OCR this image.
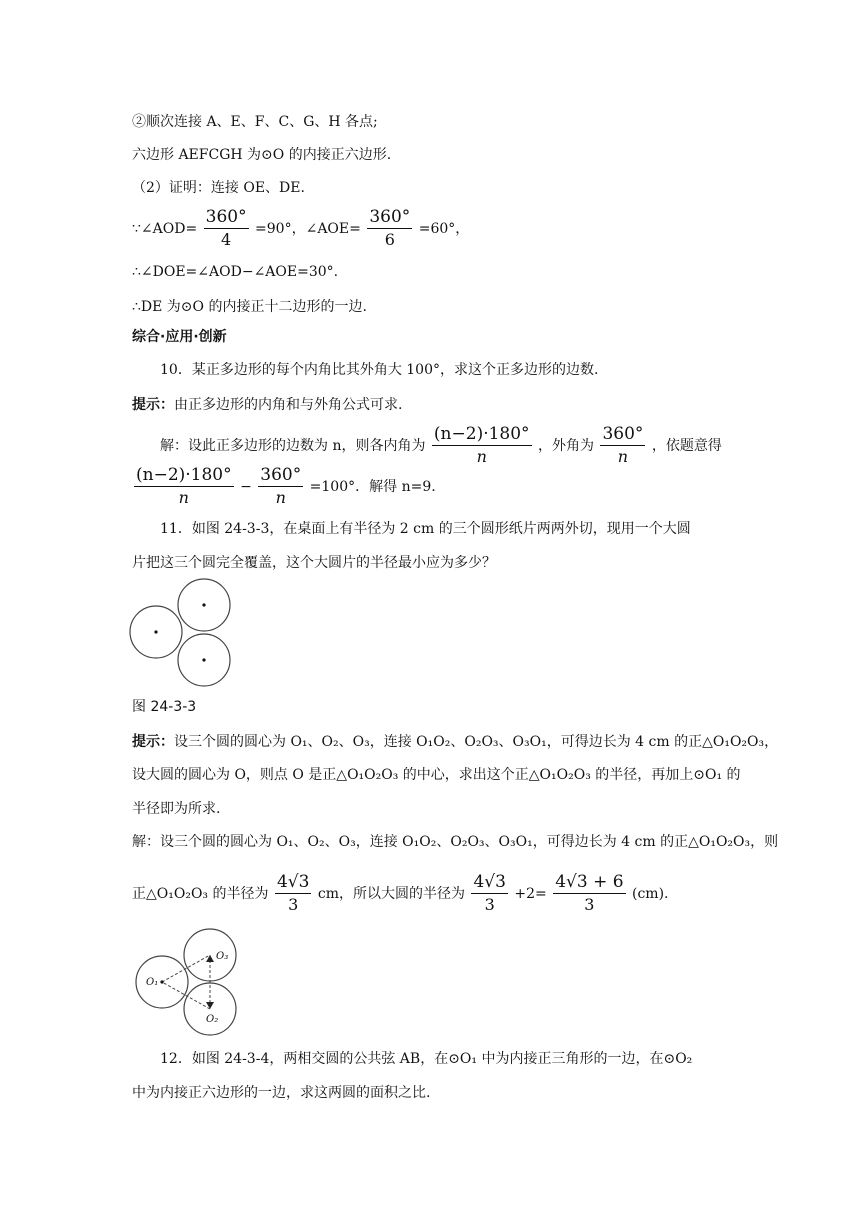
②顺次连接 A、E、F、C、G、H 各点;
六边形 AEFCGH 为⊙O 的内接正六边形.
（2）证明：连接 OE、DE.
∵∠AOD= $\frac{360^\circ}{4} =90^\circ$，∠AOE= $\frac{360^\circ}{6} =60^\circ$，
∴∠DOE=∠AOD−∠AOE=30°.
∴DE 为⊙O 的内接正十二边形的一边.
综合·应用·创新
10．某正多边形的每个内角比其外角大 100°，求这个正多边形的边数.
提示：由正多边形的内角和与外角公式可求.
解：设此正多边形的边数为 n，则各内角为 $\frac{(n-2)\cdot 180^\circ}{n}$ ，外角为 $\frac{360^\circ}{n}$ ，依题意得
$\frac{(n-2)\cdot 180^\circ}{n} - \frac{360^\circ}{n} =100^\circ$．解得 n=9.
11．如图 24-3-3，在桌面上有半径为 2 cm 的三个圆形纸片两两外切，现用一个大圆
片把这三个圆完全覆盖，这个大圆片的半径最小应为多少？
图 24-3-3
提示：设三个圆的圆心为 O₁、O₂、O₃，连接 O₁O₂、O₂O₃、O₃O₁，可得边长为 4 cm 的正△O₁O₂O₃，
设大圆的圆心为 O，则点 O 是正△O₁O₂O₃ 的中心，求出这个正△O₁O₂O₃ 的半径，再加上⊙O₁ 的
半径即为所求.
解：设三个圆的圆心为 O₁、O₂、O₃，连接 O₁O₂、O₂O₃、O₃O₁，可得边长为 4 cm 的正△O₁O₂O₃，则
正△O₁O₂O₃ 的半径为 $\frac{4√3}{3}$ cm，所以大圆的半径为 $\frac{4√3}{3} +2= \frac{4√3 + 6}{3} (cm)$.
O₁
O₃
O₂
12．如图 24-3-4，两相交圆的公共弦 AB，在⊙O₁ 中为内接正三角形的一边，在⊙O₂
中为内接正六边形的一边，求这两圆的面积之比.
